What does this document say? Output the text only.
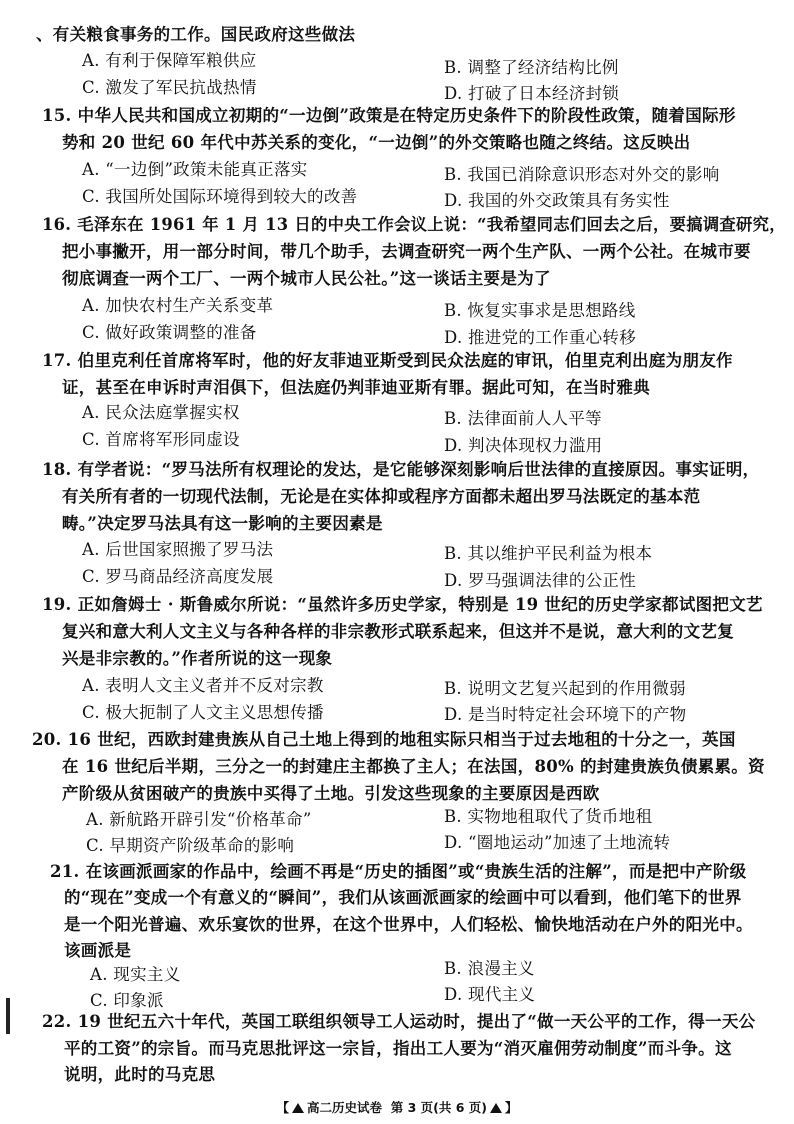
【 高二历史试卷 第 3 页(共 6 页) 】
、有关粮食事务的工作。国民政府这些做法
A. 有利于保障军粮供应	B. 调整了经济结构比例
C. 激发了军民抗战热情	D. 打破了日本经济封锁
15. 中华人民共和国成立初期的“一边倒”政策是在特定历史条件下的阶段性政策，随着国际形
势和 20 世纪 60 年代中苏关系的变化，“一边倒”的外交策略也随之终结。这反映出
A. “一边倒”政策未能真正落实	B. 我国已消除意识形态对外交的影响
C. 我国所处国际环境得到较大的改善	D. 我国的外交政策具有务实性
16. 毛泽东在 1961 年 1 月 13 日的中央工作会议上说：“我希望同志们回去之后，要搞调查研究，
把小事撇开，用一部分时间，带几个助手，去调查研究一两个生产队、一两个公社。在城市要
彻底调查一两个工厂、一两个城市人民公社。”这一谈话主要是为了
A. 加快农村生产关系变革	B. 恢复实事求是思想路线
C. 做好政策调整的准备	D. 推进党的工作重心转移
17. 伯里克利任首席将军时，他的好友菲迪亚斯受到民众法庭的审讯，伯里克利出庭为朋友作
证，甚至在申诉时声泪俱下，但法庭仍判菲迪亚斯有罪。据此可知，在当时雅典
A. 民众法庭掌握实权	B. 法律面前人人平等
C. 首席将军形同虚设	D. 判决体现权力滥用
18. 有学者说：“罗马法所有权理论的发达，是它能够深刻影响后世法律的直接原因。事实证明，
有关所有者的一切现代法制，无论是在实体抑或程序方面都未超出罗马法既定的基本范
畴。”决定罗马法具有这一影响的主要因素是
A. 后世国家照搬了罗马法	B. 其以维护平民利益为根本
C. 罗马商品经济高度发展	D. 罗马强调法律的公正性
19. 正如詹姆士 · 斯鲁威尔所说：“虽然许多历史学家，特别是 19 世纪的历史学家都试图把文艺
复兴和意大利人文主义与各种各样的非宗教形式联系起来，但这并不是说，意大利的文艺复
兴是非宗教的。”作者所说的这一现象
A. 表明人文主义者并不反对宗教	B. 说明文艺复兴起到的作用微弱
C. 极大扼制了人文主义思想传播	D. 是当时特定社会环境下的产物
20. 16 世纪，西欧封建贵族从自己土地上得到的地租实际只相当于过去地租的十分之一，英国
在 16 世纪后半期，三分之一的封建庄主都换了主人；在法国，80% 的封建贵族负债累累。资
产阶级从贫困破产的贵族中买得了土地。引发这些现象的主要原因是西欧
A. 新航路开辟引发“价格革命”	B. 实物地租取代了货币地租
C. 早期资产阶级革命的影响	D. “圈地运动”加速了土地流转
21. 在该画派画家的作品中，绘画不再是“历史的插图”或“贵族生活的注解”，而是把中产阶级
的“现在”变成一个有意义的“瞬间”，我们从该画派画家的绘画中可以看到，他们笔下的世界
是一个阳光普遍、欢乐宴饮的世界，在这个世界中，人们轻松、愉快地活动在户外的阳光中。
该画派是
A. 现实主义	B. 浪漫主义
C. 印象派	D. 现代主义
22. 19 世纪五六十年代，英国工联组织领导工人运动时，提出了“做一天公平的工作，得一天公
平的工资”的宗旨。而马克思批评这一宗旨，指出工人要为“消灭雇佣劳动制度”而斗争。这
说明，此时的马克思
